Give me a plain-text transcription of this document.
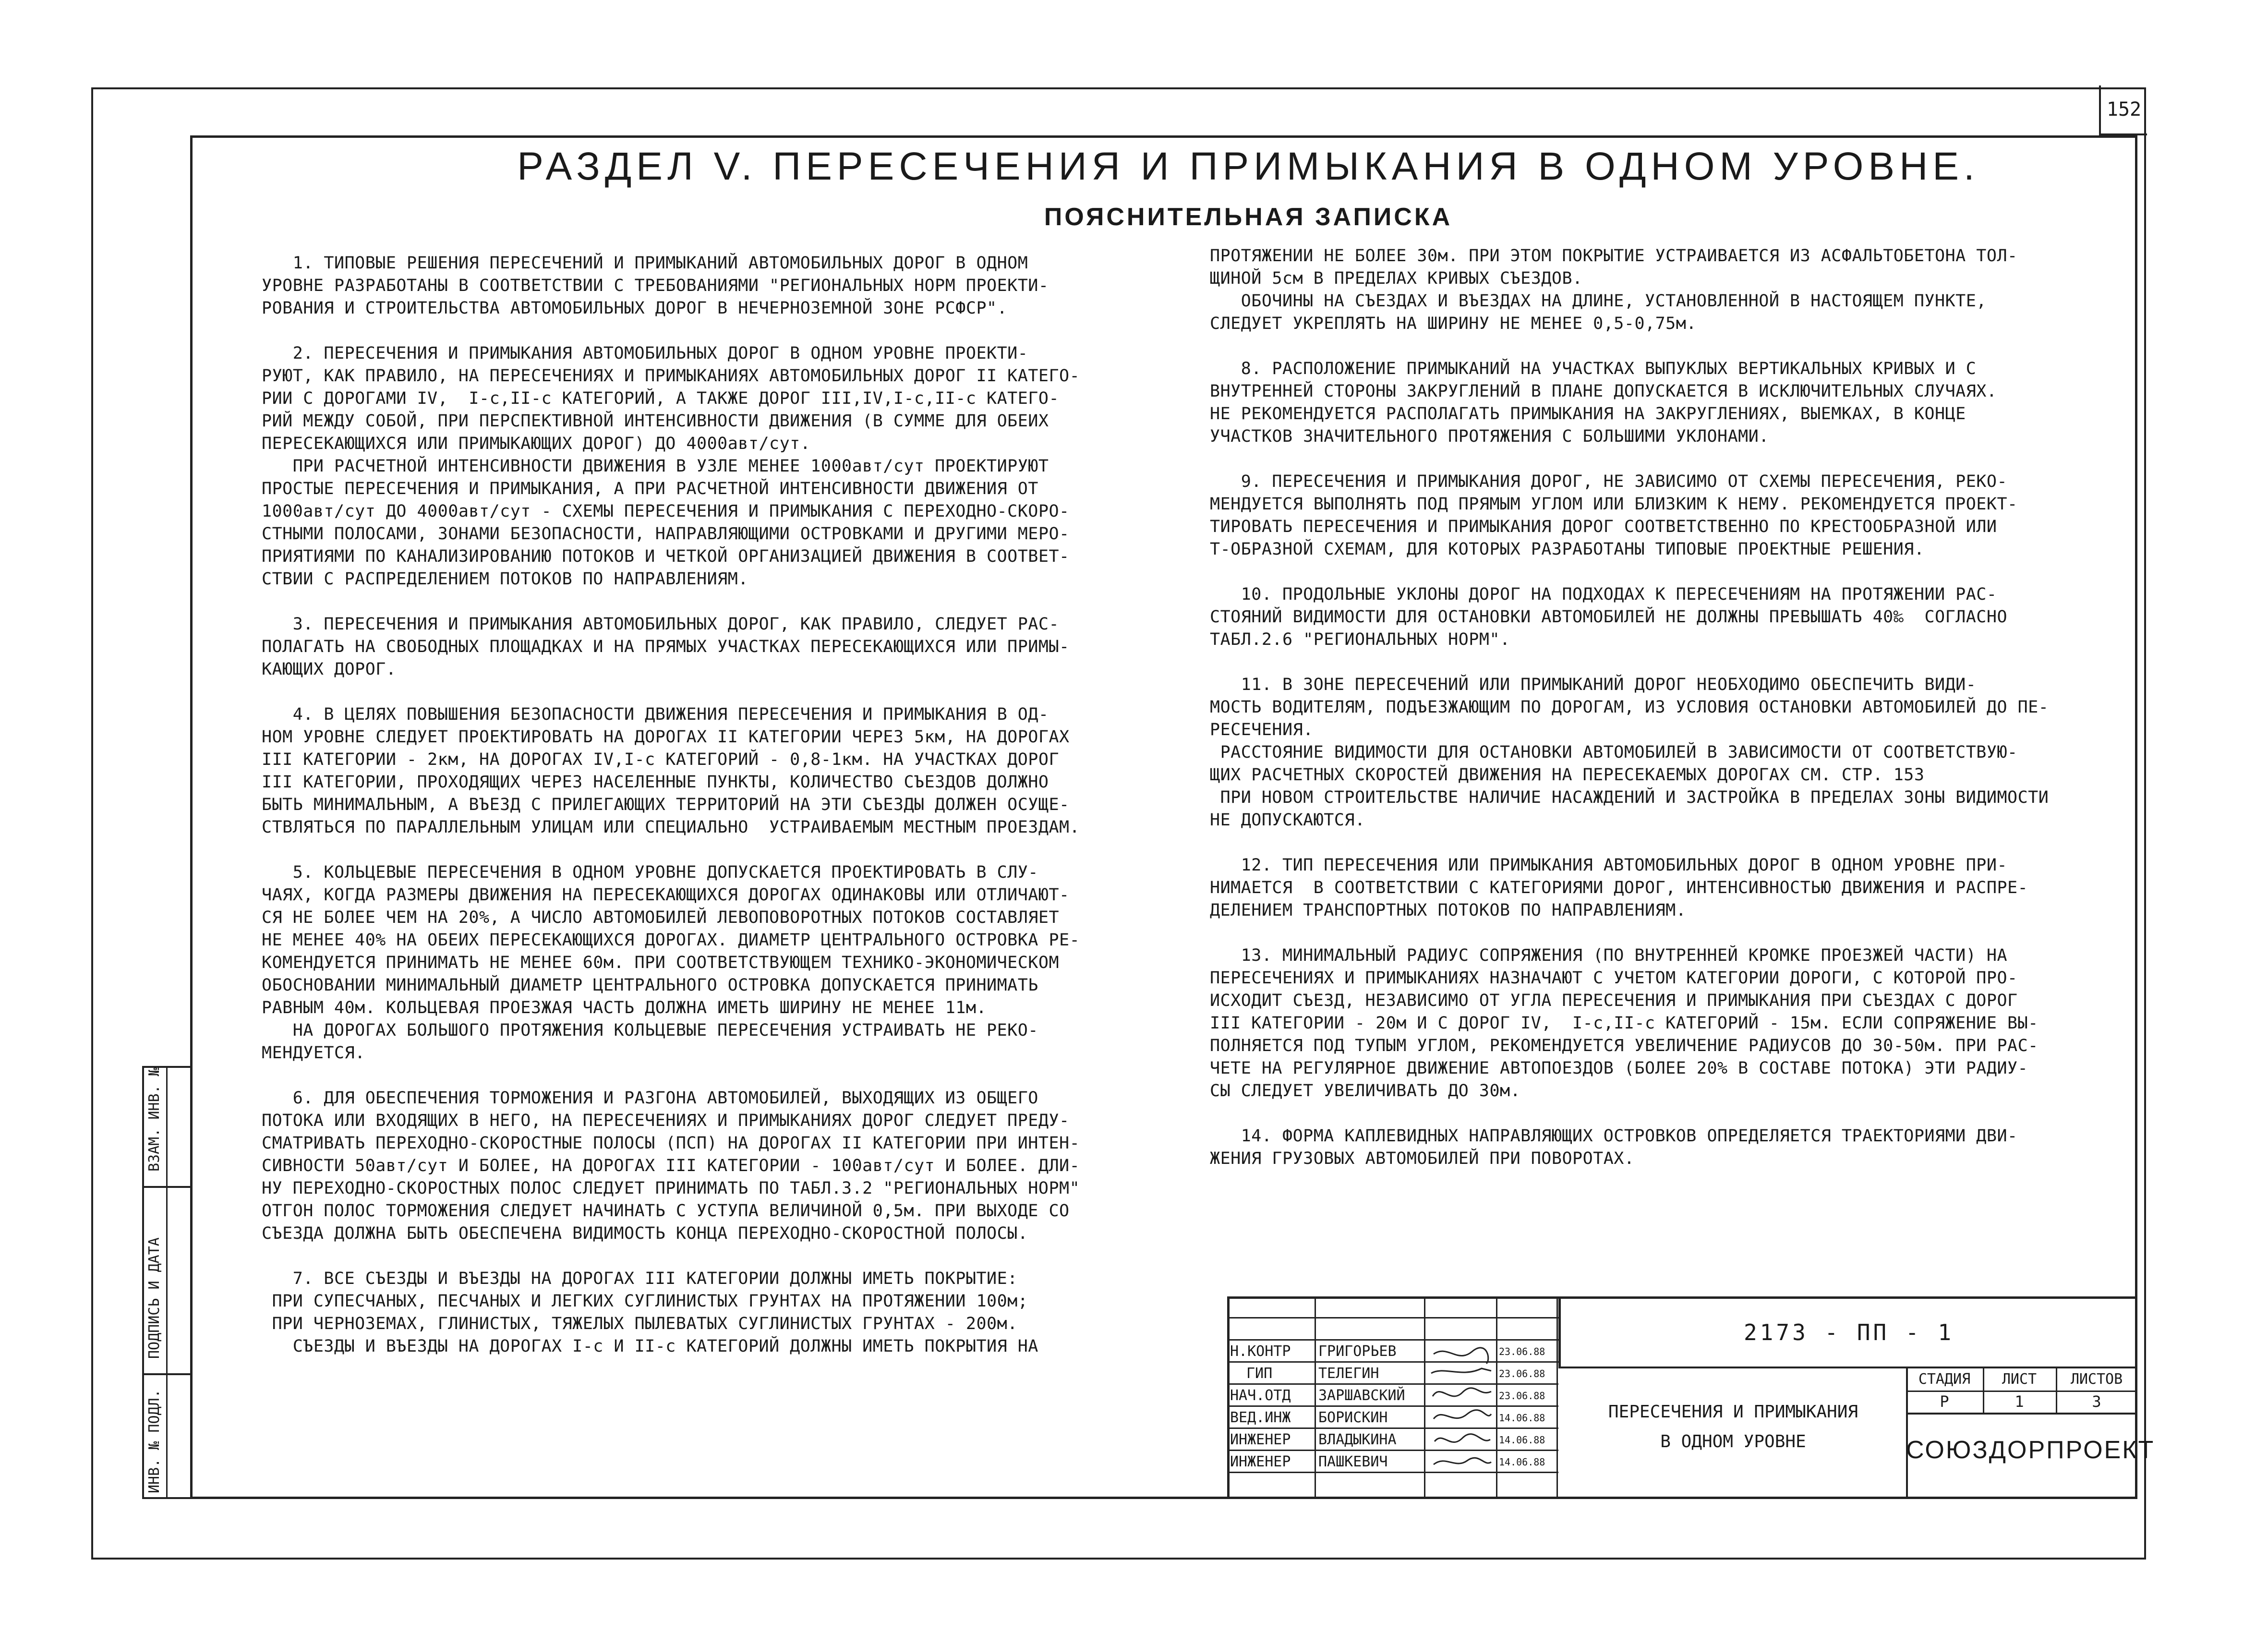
152
РАЗДЕЛ V. ПЕРЕСЕЧЕНИЯ И ПРИМЫКАНИЯ В ОДНОМ УРОВНЕ.
ПОЯСНИТЕЛЬНАЯ ЗАПИСКА
1. ТИПОВЫЕ РЕШЕНИЯ ПЕРЕСЕЧЕНИЙ И ПРИМЫКАНИЙ АВТОМОБИЛЬНЫХ ДОРОГ В ОДНОМ
УРОВНЕ РАЗРАБОТАНЫ В СООТВЕТСТВИИ С ТРЕБОВАНИЯМИ "РЕГИОНАЛЬНЫХ НОРМ ПРОЕКТИ-
РОВАНИЯ И СТРОИТЕЛЬСТВА АВТОМОБИЛЬНЫХ ДОРОГ В НЕЧЕРНОЗЕМНОЙ ЗОНЕ РСФСР".
2. ПЕРЕСЕЧЕНИЯ И ПРИМЫКАНИЯ АВТОМОБИЛЬНЫХ ДОРОГ В ОДНОМ УРОВНЕ ПРОЕКТИ-
РУЮТ, КАК ПРАВИЛО, НА ПЕРЕСЕЧЕНИЯХ И ПРИМЫКАНИЯХ АВТОМОБИЛЬНЫХ ДОРОГ II КАТЕГО-
РИИ С ДОРОГАМИ IV,  I-с,II-с КАТЕГОРИЙ, А ТАКЖЕ ДОРОГ III,IV,I-с,II-с КАТЕГО-
РИЙ МЕЖДУ СОБОЙ, ПРИ ПЕРСПЕКТИВНОЙ ИНТЕНСИВНОСТИ ДВИЖЕНИЯ (В СУММЕ ДЛЯ ОБЕИХ
ПЕРЕСЕКАЮЩИХСЯ ИЛИ ПРИМЫКАЮЩИХ ДОРОГ) ДО 4000авт/сут.
ПРИ РАСЧЕТНОЙ ИНТЕНСИВНОСТИ ДВИЖЕНИЯ В УЗЛЕ МЕНЕЕ 1000авт/сут ПРОЕКТИРУЮТ
ПРОСТЫЕ ПЕРЕСЕЧЕНИЯ И ПРИМЫКАНИЯ, А ПРИ РАСЧЕТНОЙ ИНТЕНСИВНОСТИ ДВИЖЕНИЯ ОТ
1000авт/сут ДО 4000авт/сут - СХЕМЫ ПЕРЕСЕЧЕНИЯ И ПРИМЫКАНИЯ С ПЕРЕХОДНО-СКОРО-
СТНЫМИ ПОЛОСАМИ, ЗОНАМИ БЕЗОПАСНОСТИ, НАПРАВЛЯЮЩИМИ ОСТРОВКАМИ И ДРУГИМИ МЕРО-
ПРИЯТИЯМИ ПО КАНАЛИЗИРОВАНИЮ ПОТОКОВ И ЧЕТКОЙ ОРГАНИЗАЦИЕЙ ДВИЖЕНИЯ В СООТВЕТ-
СТВИИ С РАСПРЕДЕЛЕНИЕМ ПОТОКОВ ПО НАПРАВЛЕНИЯМ.
3. ПЕРЕСЕЧЕНИЯ И ПРИМЫКАНИЯ АВТОМОБИЛЬНЫХ ДОРОГ, КАК ПРАВИЛО, СЛЕДУЕТ РАС-
ПОЛАГАТЬ НА СВОБОДНЫХ ПЛОЩАДКАХ И НА ПРЯМЫХ УЧАСТКАХ ПЕРЕСЕКАЮЩИХСЯ ИЛИ ПРИМЫ-
КАЮЩИХ ДОРОГ.
4. В ЦЕЛЯХ ПОВЫШЕНИЯ БЕЗОПАСНОСТИ ДВИЖЕНИЯ ПЕРЕСЕЧЕНИЯ И ПРИМЫКАНИЯ В ОД-
НОМ УРОВНЕ СЛЕДУЕТ ПРОЕКТИРОВАТЬ НА ДОРОГАХ II КАТЕГОРИИ ЧЕРЕЗ 5км, НА ДОРОГАХ
III КАТЕГОРИИ - 2км, НА ДОРОГАХ IV,I-с КАТЕГОРИЙ - 0,8-1км. НА УЧАСТКАХ ДОРОГ
III КАТЕГОРИИ, ПРОХОДЯЩИХ ЧЕРЕЗ НАСЕЛЕННЫЕ ПУНКТЫ, КОЛИЧЕСТВО СЪЕЗДОВ ДОЛЖНО
БЫТЬ МИНИМАЛЬНЫМ, А ВЪЕЗД С ПРИЛЕГАЮЩИХ ТЕРРИТОРИЙ НА ЭТИ СЪЕЗДЫ ДОЛЖЕН ОСУЩЕ-
СТВЛЯТЬСЯ ПО ПАРАЛЛЕЛЬНЫМ УЛИЦАМ ИЛИ СПЕЦИАЛЬНО  УСТРАИВАЕМЫМ МЕСТНЫМ ПРОЕЗДАМ.
5. КОЛЬЦЕВЫЕ ПЕРЕСЕЧЕНИЯ В ОДНОМ УРОВНЕ ДОПУСКАЕТСЯ ПРОЕКТИРОВАТЬ В СЛУ-
ЧАЯХ, КОГДА РАЗМЕРЫ ДВИЖЕНИЯ НА ПЕРЕСЕКАЮЩИХСЯ ДОРОГАХ ОДИНАКОВЫ ИЛИ ОТЛИЧАЮТ-
СЯ НЕ БОЛЕЕ ЧЕМ НА 20%, А ЧИСЛО АВТОМОБИЛЕЙ ЛЕВОПОВОРОТНЫХ ПОТОКОВ СОСТАВЛЯЕТ
НЕ МЕНЕЕ 40% НА ОБЕИХ ПЕРЕСЕКАЮЩИХСЯ ДОРОГАХ. ДИАМЕТР ЦЕНТРАЛЬНОГО ОСТРОВКА РЕ-
КОМЕНДУЕТСЯ ПРИНИМАТЬ НЕ МЕНЕЕ 60м. ПРИ СООТВЕТСТВУЮЩЕМ ТЕХНИКО-ЭКОНОМИЧЕСКОМ
ОБОСНОВАНИИ МИНИМАЛЬНЫЙ ДИАМЕТР ЦЕНТРАЛЬНОГО ОСТРОВКА ДОПУСКАЕТСЯ ПРИНИМАТЬ
РАВНЫМ 40м. КОЛЬЦЕВАЯ ПРОЕЗЖАЯ ЧАСТЬ ДОЛЖНА ИМЕТЬ ШИРИНУ НЕ МЕНЕЕ 11м.
НА ДОРОГАХ БОЛЬШОГО ПРОТЯЖЕНИЯ КОЛЬЦЕВЫЕ ПЕРЕСЕЧЕНИЯ УСТРАИВАТЬ НЕ РЕКО-
МЕНДУЕТСЯ.
6. ДЛЯ ОБЕСПЕЧЕНИЯ ТОРМОЖЕНИЯ И РАЗГОНА АВТОМОБИЛЕЙ, ВЫХОДЯЩИХ ИЗ ОБЩЕГО
ПОТОКА ИЛИ ВХОДЯЩИХ В НЕГО, НА ПЕРЕСЕЧЕНИЯХ И ПРИМЫКАНИЯХ ДОРОГ СЛЕДУЕТ ПРЕДУ-
СМАТРИВАТЬ ПЕРЕХОДНО-СКОРОСТНЫЕ ПОЛОСЫ (ПСП) НА ДОРОГАХ II КАТЕГОРИИ ПРИ ИНТЕН-
СИВНОСТИ 50авт/сут И БОЛЕЕ, НА ДОРОГАХ III КАТЕГОРИИ - 100авт/сут И БОЛЕЕ. ДЛИ-
НУ ПЕРЕХОДНО-СКОРОСТНЫХ ПОЛОС СЛЕДУЕТ ПРИНИМАТЬ ПО ТАБЛ.3.2 "РЕГИОНАЛЬНЫХ НОРМ"
ОТГОН ПОЛОС ТОРМОЖЕНИЯ СЛЕДУЕТ НАЧИНАТЬ С УСТУПА ВЕЛИЧИНОЙ 0,5м. ПРИ ВЫХОДЕ СО
СЪЕЗДА ДОЛЖНА БЫТЬ ОБЕСПЕЧЕНА ВИДИМОСТЬ КОНЦА ПЕРЕХОДНО-СКОРОСТНОЙ ПОЛОСЫ.
7. ВСЕ СЪЕЗДЫ И ВЪЕЗДЫ НА ДОРОГАХ III КАТЕГОРИИ ДОЛЖНЫ ИМЕТЬ ПОКРЫТИЕ:
ПРИ СУПЕСЧАНЫХ, ПЕСЧАНЫХ И ЛЕГКИХ СУГЛИНИСТЫХ ГРУНТАХ НА ПРОТЯЖЕНИИ 100м;
ПРИ ЧЕРНОЗЕМАХ, ГЛИНИСТЫХ, ТЯЖЕЛЫХ ПЫЛЕВАТЫХ СУГЛИНИСТЫХ ГРУНТАХ - 200м.
СЪЕЗДЫ И ВЪЕЗДЫ НА ДОРОГАХ I-с И II-с КАТЕГОРИЙ ДОЛЖНЫ ИМЕТЬ ПОКРЫТИЯ НА
ПРОТЯЖЕНИИ НЕ БОЛЕЕ 30м. ПРИ ЭТОМ ПОКРЫТИЕ УСТРАИВАЕТСЯ ИЗ АСФАЛЬТОБЕТОНА ТОЛ-
ЩИНОЙ 5см В ПРЕДЕЛАХ КРИВЫХ СЪЕЗДОВ.
ОБОЧИНЫ НА СЪЕЗДАХ И ВЪЕЗДАХ НА ДЛИНЕ, УСТАНОВЛЕННОЙ В НАСТОЯЩЕМ ПУНКТЕ,
СЛЕДУЕТ УКРЕПЛЯТЬ НА ШИРИНУ НЕ МЕНЕЕ 0,5-0,75м.
8. РАСПОЛОЖЕНИЕ ПРИМЫКАНИЙ НА УЧАСТКАХ ВЫПУКЛЫХ ВЕРТИКАЛЬНЫХ КРИВЫХ И С
ВНУТРЕННЕЙ СТОРОНЫ ЗАКРУГЛЕНИЙ В ПЛАНЕ ДОПУСКАЕТСЯ В ИСКЛЮЧИТЕЛЬНЫХ СЛУЧАЯХ.
НЕ РЕКОМЕНДУЕТСЯ РАСПОЛАГАТЬ ПРИМЫКАНИЯ НА ЗАКРУГЛЕНИЯХ, ВЫЕМКАХ, В КОНЦЕ
УЧАСТКОВ ЗНАЧИТЕЛЬНОГО ПРОТЯЖЕНИЯ С БОЛЬШИМИ УКЛОНАМИ.
9. ПЕРЕСЕЧЕНИЯ И ПРИМЫКАНИЯ ДОРОГ, НЕ ЗАВИСИМО ОТ СХЕМЫ ПЕРЕСЕЧЕНИЯ, РЕКО-
МЕНДУЕТСЯ ВЫПОЛНЯТЬ ПОД ПРЯМЫМ УГЛОМ ИЛИ БЛИЗКИМ К НЕМУ. РЕКОМЕНДУЕТСЯ ПРОЕКТ-
ТИРОВАТЬ ПЕРЕСЕЧЕНИЯ И ПРИМЫКАНИЯ ДОРОГ СООТВЕТСТВЕННО ПО КРЕСТООБРАЗНОЙ ИЛИ
Т-ОБРАЗНОЙ СХЕМАМ, ДЛЯ КОТОРЫХ РАЗРАБОТАНЫ ТИПОВЫЕ ПРОЕКТНЫЕ РЕШЕНИЯ.
10. ПРОДОЛЬНЫЕ УКЛОНЫ ДОРОГ НА ПОДХОДАХ К ПЕРЕСЕЧЕНИЯМ НА ПРОТЯЖЕНИИ РАС-
СТОЯНИЙ ВИДИМОСТИ ДЛЯ ОСТАНОВКИ АВТОМОБИЛЕЙ НЕ ДОЛЖНЫ ПРЕВЫШАТЬ 40‰  СОГЛАСНО
ТАБЛ.2.6 "РЕГИОНАЛЬНЫХ НОРМ".
11. В ЗОНЕ ПЕРЕСЕЧЕНИЙ ИЛИ ПРИМЫКАНИЙ ДОРОГ НЕОБХОДИМО ОБЕСПЕЧИТЬ ВИДИ-
МОСТЬ ВОДИТЕЛЯМ, ПОДЪЕЗЖАЮЩИМ ПО ДОРОГАМ, ИЗ УСЛОВИЯ ОСТАНОВКИ АВТОМОБИЛЕЙ ДО ПЕ-
РЕСЕЧЕНИЯ.
РАССТОЯНИЕ ВИДИМОСТИ ДЛЯ ОСТАНОВКИ АВТОМОБИЛЕЙ В ЗАВИСИМОСТИ ОТ СООТВЕТСТВУЮ-
ЩИХ РАСЧЕТНЫХ СКОРОСТЕЙ ДВИЖЕНИЯ НА ПЕРЕСЕКАЕМЫХ ДОРОГАХ СМ. СТР. 153
ПРИ НОВОМ СТРОИТЕЛЬСТВЕ НАЛИЧИЕ НАСАЖДЕНИЙ И ЗАСТРОЙКА В ПРЕДЕЛАХ ЗОНЫ ВИДИМОСТИ
НЕ ДОПУСКАЮТСЯ.
12. ТИП ПЕРЕСЕЧЕНИЯ ИЛИ ПРИМЫКАНИЯ АВТОМОБИЛЬНЫХ ДОРОГ В ОДНОМ УРОВНЕ ПРИ-
НИМАЕТСЯ  В СООТВЕТСТВИИ С КАТЕГОРИЯМИ ДОРОГ, ИНТЕНСИВНОСТЬЮ ДВИЖЕНИЯ И РАСПРЕ-
ДЕЛЕНИЕМ ТРАНСПОРТНЫХ ПОТОКОВ ПО НАПРАВЛЕНИЯМ.
13. МИНИМАЛЬНЫЙ РАДИУС СОПРЯЖЕНИЯ (ПО ВНУТРЕННЕЙ КРОМКЕ ПРОЕЗЖЕЙ ЧАСТИ) НА
ПЕРЕСЕЧЕНИЯХ И ПРИМЫКАНИЯХ НАЗНАЧАЮТ С УЧЕТОМ КАТЕГОРИИ ДОРОГИ, С КОТОРОЙ ПРО-
ИСХОДИТ СЪЕЗД, НЕЗАВИСИМО ОТ УГЛА ПЕРЕСЕЧЕНИЯ И ПРИМЫКАНИЯ ПРИ СЪЕЗДАХ С ДОРОГ
III КАТЕГОРИИ - 20м И С ДОРОГ IV,  I-с,II-с КАТЕГОРИЙ - 15м. ЕСЛИ СОПРЯЖЕНИЕ ВЫ-
ПОЛНЯЕТСЯ ПОД ТУПЫМ УГЛОМ, РЕКОМЕНДУЕТСЯ УВЕЛИЧЕНИЕ РАДИУСОВ ДО 30-50м. ПРИ РАС-
ЧЕТЕ НА РЕГУЛЯРНОЕ ДВИЖЕНИЕ АВТОПОЕЗДОВ (БОЛЕЕ 20% В СОСТАВЕ ПОТОКА) ЭТИ РАДИУ-
СЫ СЛЕДУЕТ УВЕЛИЧИВАТЬ ДО 30м.
14. ФОРМА КАПЛЕВИДНЫХ НАПРАВЛЯЮЩИХ ОСТРОВКОВ ОПРЕДЕЛЯЕТСЯ ТРАЕКТОРИЯМИ ДВИ-
ЖЕНИЯ ГРУЗОВЫХ АВТОМОБИЛЕЙ ПРИ ПОВОРОТАХ.
ВЗАМ. ИНВ. №
ПОДПИСЬ И ДАТА
ИНВ. № ПОДЛ.
Н.КОНТР ГРИГОРЬЕВ	23.06.88
ГИП	ТЕЛЕГИН	23.06.88
НАЧ.ОТД ЗАРШАВСКИЙ	23.06.88
ВЕД.ИНЖ БОРИСКИН	14.06.88
ИНЖЕНЕР ВЛАДЫКИНА	14.06.88
ИНЖЕНЕР ПАШКЕВИЧ	14.06.88
2173 - ПП - 1
ПЕРЕСЕЧЕНИЯ И ПРИМЫКАНИЯ
В ОДНОМ УРОВНЕ
СТАДИЯ	ЛИСТ	ЛИСТОВ
Р	1	3
СОЮЗДОРПРОЕКТ
